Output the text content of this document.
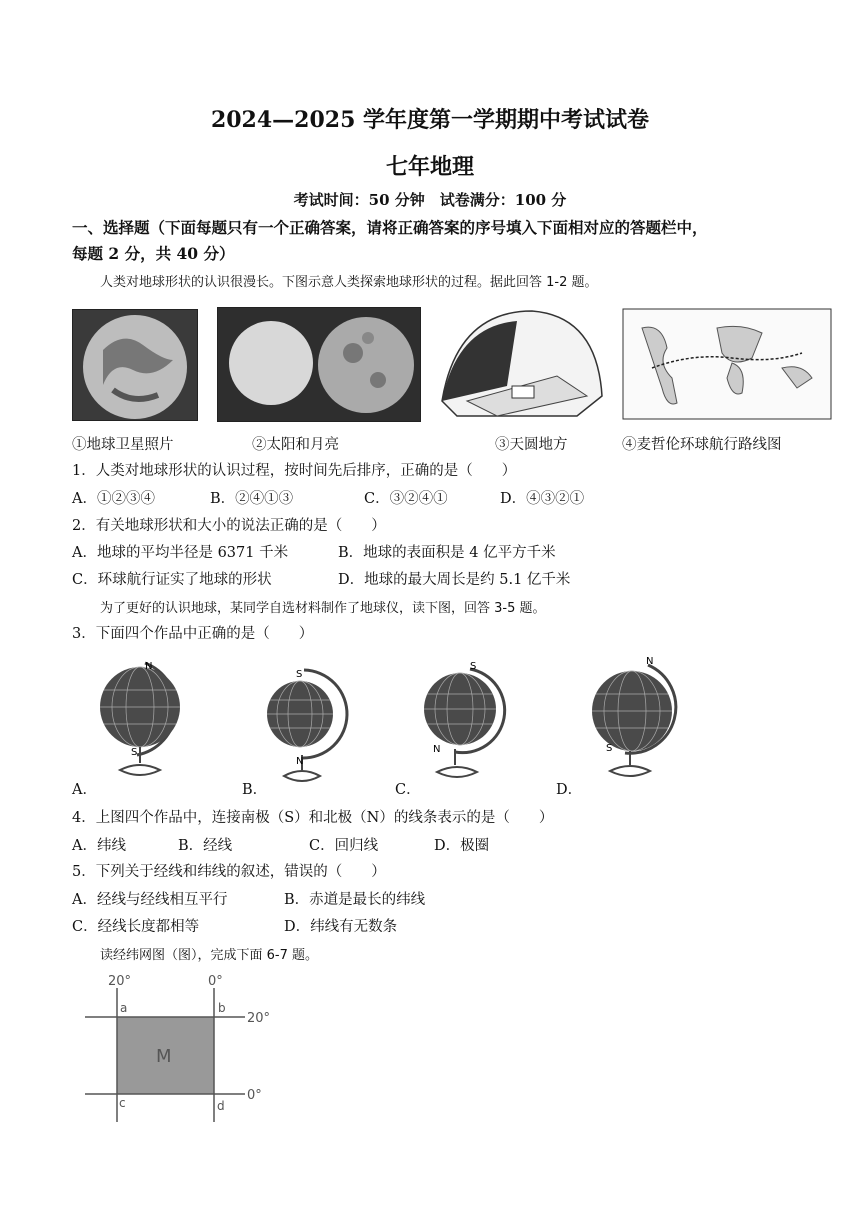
2024—2025 学年度第一学期期中考试试卷
七年地理
考试时间：50 分钟　试卷满分：100 分
一、选择题（下面每题只有一个正确答案，请将正确答案的序号填入下面相对应的答题栏中，
每题 2 分，共 40 分）
人类对地球形状的认识很漫长。下图示意人类探索地球形状的过程。据此回答 1-2 题。
①地球卫星照片	②太阳和月亮	③天圆地方	④麦哲伦环球航行路线图
1．人类对地球形状的认识过程，按时间先后排序，正确的是（　　）
A．①②③④	B．②④①③	C．③②④①	D．④③②①
2．有关地球形状和大小的说法正确的是（　　）
A．地球的平均半径是 6371 千米	B．地球的表面积是 4 亿平方千米
C．环球航行证实了地球的形状	D．地球的最大周长是约 5.1 亿千米
为了更好的认识地球，某同学自选材料制作了地球仪，读下图，回答 3-5 题。
3．下面四个作品中正确的是（　　）
N
S
S
N
S
N
N
S
A．	B．	C．	D．
4．上图四个作品中，连接南极（S）和北极（N）的线条表示的是（　　）
A．纬线	B．经线	C．回归线	D．极圈
5．下列关于经线和纬线的叙述，错误的（　　）
A．经线与经线相互平行	B．赤道是最长的纬线
C．经线长度都相等	D．纬线有无数条
读经纬网图（图），完成下面 6-7 题。
20°	0°
20°
0°
a	b
c	d
M
